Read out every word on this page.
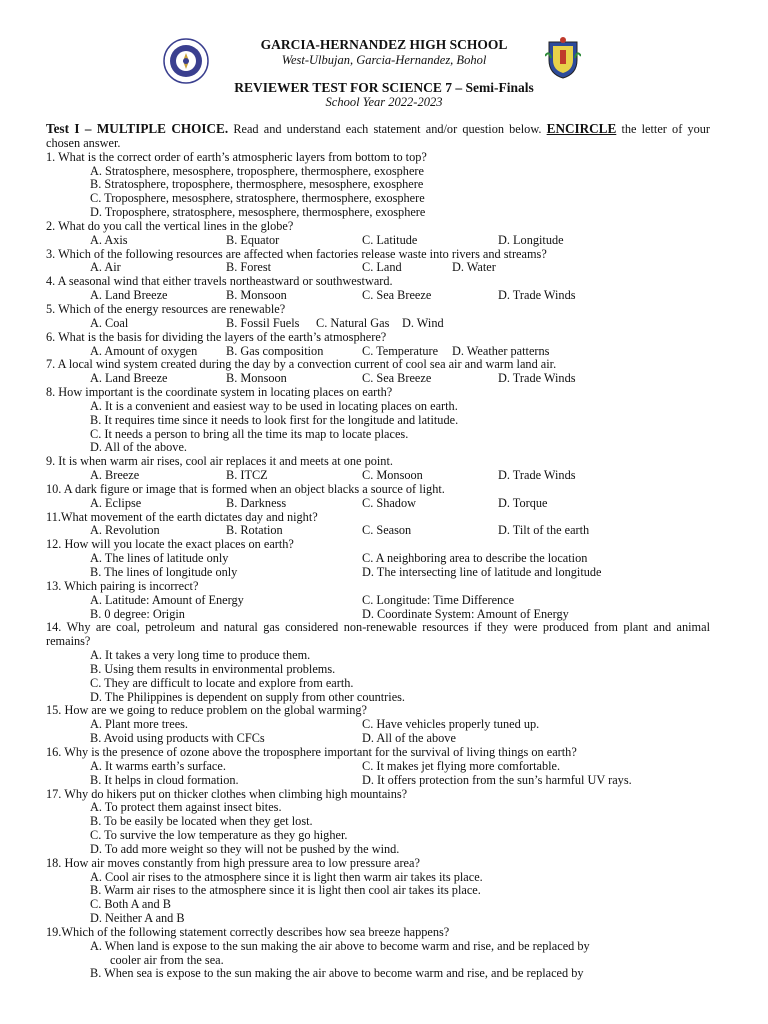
GARCIA-HERNANDEZ HIGH SCHOOL
West-Ulbujan, Garcia-Hernandez, Bohol
REVIEWER TEST FOR SCIENCE 7 – Semi-Finals
School Year 2022-2023
Test I – MULTIPLE CHOICE. Read and understand each statement and/or question below. ENCIRCLE the letter of your chosen answer.
1. What is the correct order of earth’s atmospheric layers from bottom to top?
A. Stratosphere, mesosphere, troposphere, thermosphere, exosphere
B. Stratosphere, troposphere, thermosphere, mesosphere, exosphere
C. Troposphere, mesosphere, stratosphere, thermosphere, exosphere
D. Troposphere, stratosphere, mesosphere, thermosphere, exosphere
2. What do you call the vertical lines in the globe?
A. Axis	B. Equator	C. Latitude	D. Longitude
3. Which of the following resources are affected when factories release waste into rivers and streams?
A. Air	B. Forest	C. Land	D. Water
4. A seasonal wind that either travels northeastward or southwestward.
A. Land Breeze	B. Monsoon	C. Sea Breeze	D. Trade Winds
5. Which of the energy resources are renewable?
A. Coal	B. Fossil Fuels	C. Natural Gas	D. Wind
6. What is the basis for dividing the layers of the earth’s atmosphere?
A. Amount of oxygen	B. Gas composition	C. Temperature	D. Weather patterns
7. A local wind system created during the day by a convection current of cool sea air and warm land air.
A. Land Breeze	B. Monsoon	C. Sea Breeze	D. Trade Winds
8. How important is the coordinate system in locating places on earth?
A. It is a convenient and easiest way to be used in locating places on earth.
B. It requires time since it needs to look first for the longitude and latitude.
C. It needs a person to bring all the time its map to locate places.
D. All of the above.
9. It is when warm air rises, cool air replaces it and meets at one point.
A. Breeze	B. ITCZ	C. Monsoon	D. Trade Winds
10. A dark figure or image that is formed when an object blacks a source of light.
A. Eclipse	B. Darkness	C. Shadow	D. Torque
11.What movement of the earth dictates day and night?
A. Revolution	B. Rotation	C. Season	D. Tilt of the earth
12. How will you locate the exact places on earth?
A. The lines of latitude only	C. A neighboring area to describe the location
B. The lines of longitude only	D. The intersecting line of latitude and longitude
13. Which pairing is incorrect?
A. Latitude: Amount of Energy	C. Longitude: Time Difference
B. 0 degree: Origin	D. Coordinate System: Amount of Energy
14. Why are coal, petroleum and natural gas considered non-renewable resources if they were produced from plant and animal remains?
A. It takes a very long time to produce them.
B. Using them results in environmental problems.
C. They are difficult to locate and explore from earth.
D. The Philippines is dependent on supply from other countries.
15. How are we going to reduce problem on the global warming?
A. Plant more trees.	C. Have vehicles properly tuned up.
B. Avoid using products with CFCs	D. All of the above
16. Why is the presence of ozone above the troposphere important for the survival of living things on earth?
A. It warms earth’s surface.	C. It makes jet flying more comfortable.
B. It helps in cloud formation.	D. It offers protection from the sun’s harmful UV rays.
17. Why do hikers put on thicker clothes when climbing high mountains?
A. To protect them against insect bites.
B. To be easily be located when they get lost.
C. To survive the low temperature as they go higher.
D. To add more weight so they will not be pushed by the wind.
18. How air moves constantly from high pressure area to low pressure area?
A. Cool air rises to the atmosphere since it is light then warm air takes its place.
B. Warm air rises to the atmosphere since it is light then cool air takes its place.
C. Both A and B
D. Neither A and B
19.Which of the following statement correctly describes how sea breeze happens?
A. When land is expose to the sun making the air above to become warm and rise, and be replaced by
cooler air from the sea.
B. When sea is expose to the sun making the air above to become warm and rise, and be replaced by
